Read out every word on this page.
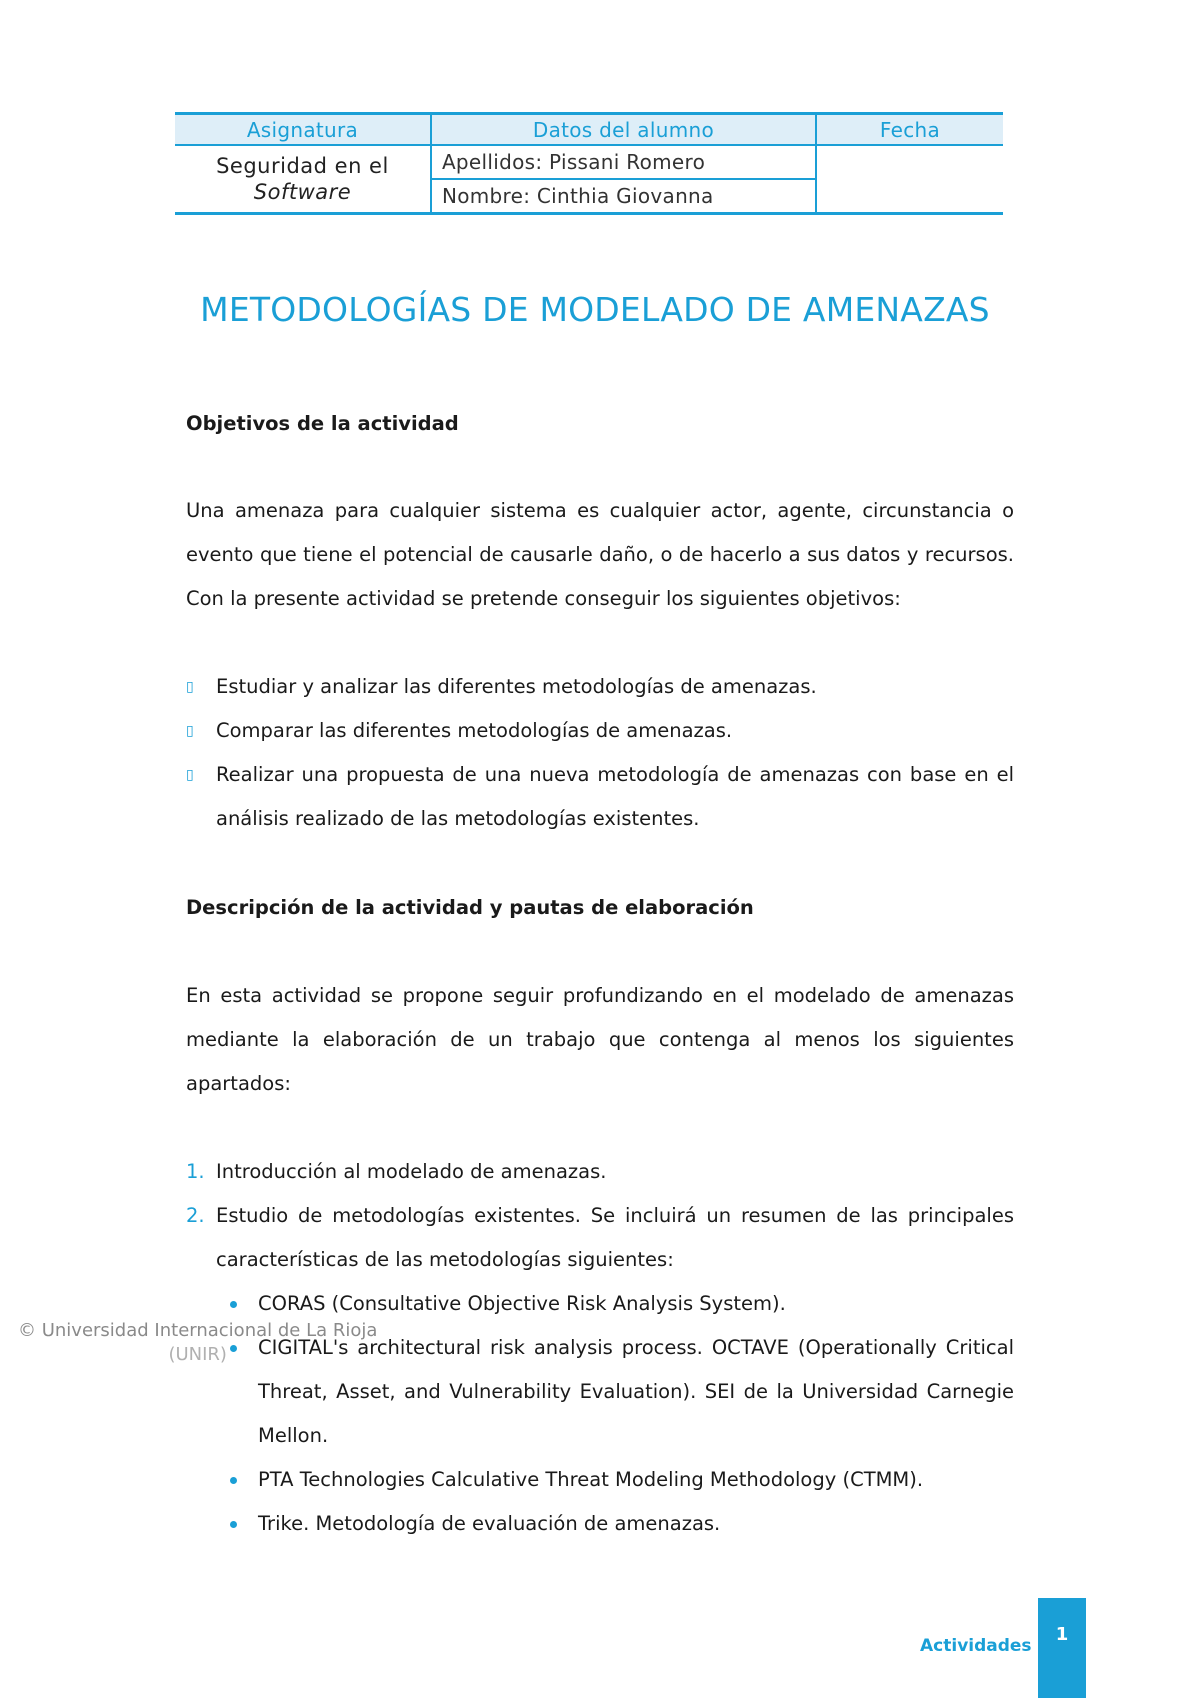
Asignatura	Datos del alumno	Fecha
Seguridad en el
Software	Apellidos: Pissani Romero	
	Nombre: Cinthia Giovanna	
METODOLOGÍAS DE MODELADO DE AMENAZAS
Objetivos de la actividad

Una amenaza para cualquier sistema es cualquier actor, agente, circunstancia o evento que tiene el potencial de causarle daño, o de hacerlo a sus datos y recursos. Con la presente actividad se pretende conseguir los siguientes objetivos:

▯ Estudiar y analizar las diferentes metodologías de amenazas.
▯ Comparar las diferentes metodologías de amenazas.
▯ Realizar una propuesta de una nueva metodología de amenazas con base en el análisis realizado de las metodologías existentes.
Descripción de la actividad y pautas de elaboración

En esta actividad se propone seguir profundizando en el modelado de amenazas mediante la elaboración de un trabajo que contenga al menos los siguientes apartados:

1. Introducción al modelado de amenazas.
2. Estudio de metodologías existentes. Se incluirá un resumen de las principales características de las metodologías siguientes:
CORAS (Consultative Objective Risk Analysis System).
CIGITAL's architectural risk analysis process. OCTAVE (Operationally Critical Threat, Asset, and Vulnerability Evaluation). SEI de la Universidad Carnegie Mellon.
PTA Technologies Calculative Threat Modeling Methodology (CTMM).
Trike. Metodología de evaluación de amenazas.
© Universidad Internacional de La Rioja
(UNIR)
Actividades
1
